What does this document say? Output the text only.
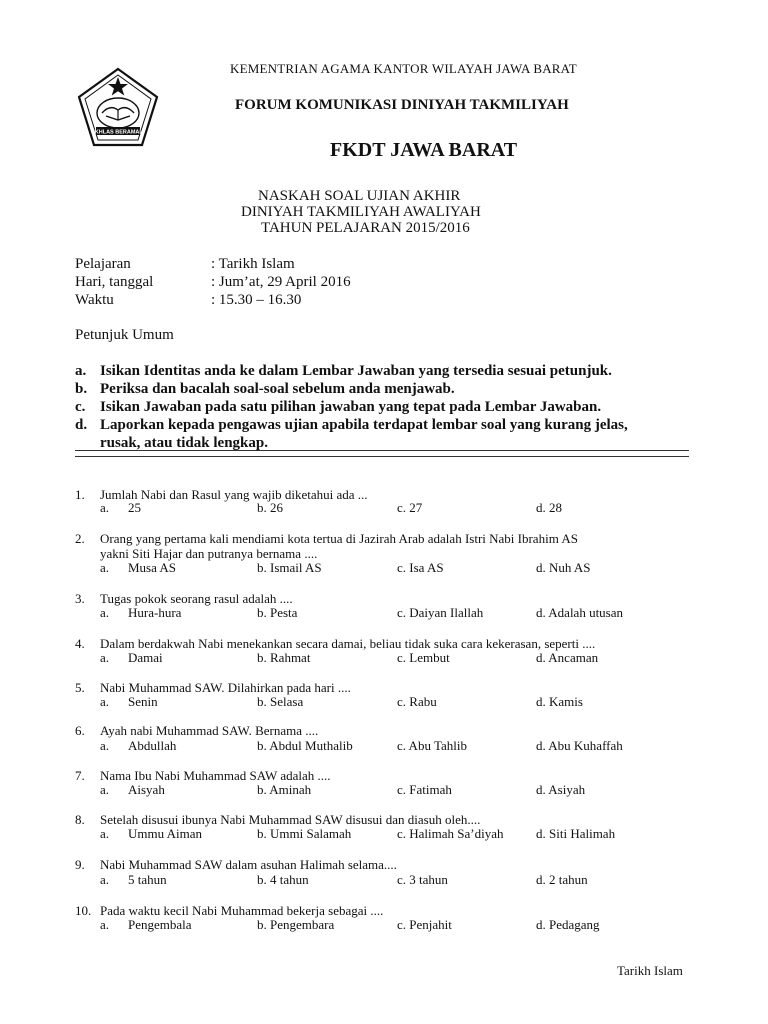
IKHLAS BERAMAL
KEMENTRIAN AGAMA KANTOR WILAYAH JAWA BARAT
FORUM KOMUNIKASI DINIYAH TAKMILIYAH
FKDT JAWA BARAT
NASKAH SOAL UJIAN AKHIR
DINIYAH TAKMILIYAH AWALIYAH
TAHUN PELAJARAN 2015/2016
Pelajaran	: Tarikh Islam
Hari, tanggal	: Jum’at, 29 April 2016
Waktu	: 15.30 – 16.30
Petunjuk Umum
a. Isikan Identitas anda ke dalam Lembar Jawaban yang tersedia sesuai petunjuk.
b. Periksa dan bacalah soal-soal sebelum anda menjawab.
c. Isikan Jawaban pada satu pilihan jawaban yang tepat pada Lembar Jawaban.
d. Laporkan kepada pengawas ujian apabila terdapat lembar soal yang kurang jelas,
rusak, atau tidak lengkap.
1. Jumlah Nabi dan Rasul yang wajib diketahui ada ...
a. 25	b. 26	c. 27	d. 28
2. Orang yang pertama kali mendiami kota tertua di Jazirah Arab adalah Istri Nabi Ibrahim AS
yakni Siti Hajar dan putranya bernama ....
a. Musa AS	b. Ismail AS	c. Isa AS	d. Nuh AS
3. Tugas pokok seorang rasul adalah ....
a. Hura-hura	b. Pesta	c. Daiyan Ilallah	d. Adalah utusan
4. Dalam berdakwah Nabi menekankan secara damai, beliau tidak suka cara kekerasan, seperti ....
a. Damai	b. Rahmat	c. Lembut	d. Ancaman
5. Nabi Muhammad SAW. Dilahirkan pada hari ....
a. Senin	b. Selasa	c. Rabu	d. Kamis
6. Ayah nabi Muhammad SAW. Bernama ....
a. Abdullah	b. Abdul Muthalib	c. Abu Tahlib	d. Abu Kuhaffah
7. Nama Ibu Nabi Muhammad SAW adalah ....
a. Aisyah	b. Aminah	c. Fatimah	d. Asiyah
8. Setelah disusui ibunya Nabi Muhammad SAW disusui dan diasuh oleh....
a. Ummu Aiman	b. Ummi Salamah	c. Halimah Sa’diyah	d. Siti Halimah
9. Nabi Muhammad SAW dalam asuhan Halimah selama....
a. 5 tahun	b. 4 tahun	c. 3 tahun	d. 2 tahun
10. Pada waktu kecil Nabi Muhammad bekerja sebagai ....
a. Pengembala	b. Pengembara	c. Penjahit	d. Pedagang
Tarikh Islam
